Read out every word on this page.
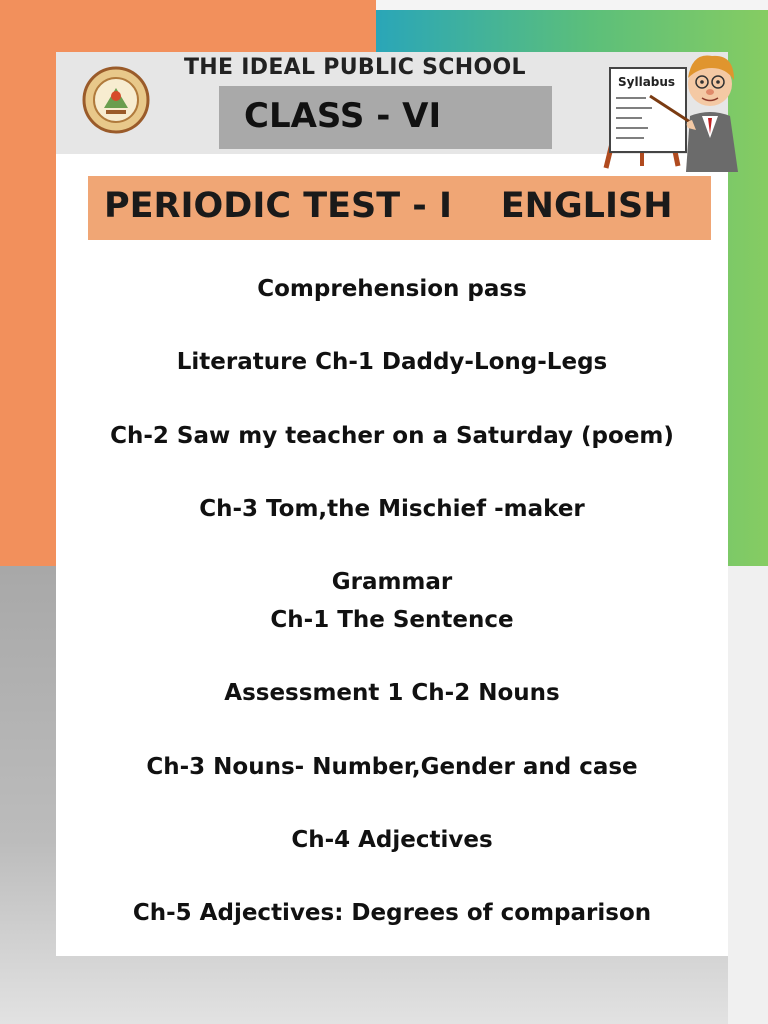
THE IDEAL PUBLIC SCHOOL
CLASS - VI
Syllabus
PERIODIC TEST - I    ENGLISH
Comprehension pass
Literature Ch-1 Daddy-Long-Legs
Ch-2 Saw my teacher on a Saturday (poem)
Ch-3 Tom,the Mischief -maker
Grammar
Ch-1 The Sentence
Assessment 1 Ch-2 Nouns
Ch-3 Nouns- Number,Gender and case
Ch-4 Adjectives
Ch-5 Adjectives: Degrees of comparison
